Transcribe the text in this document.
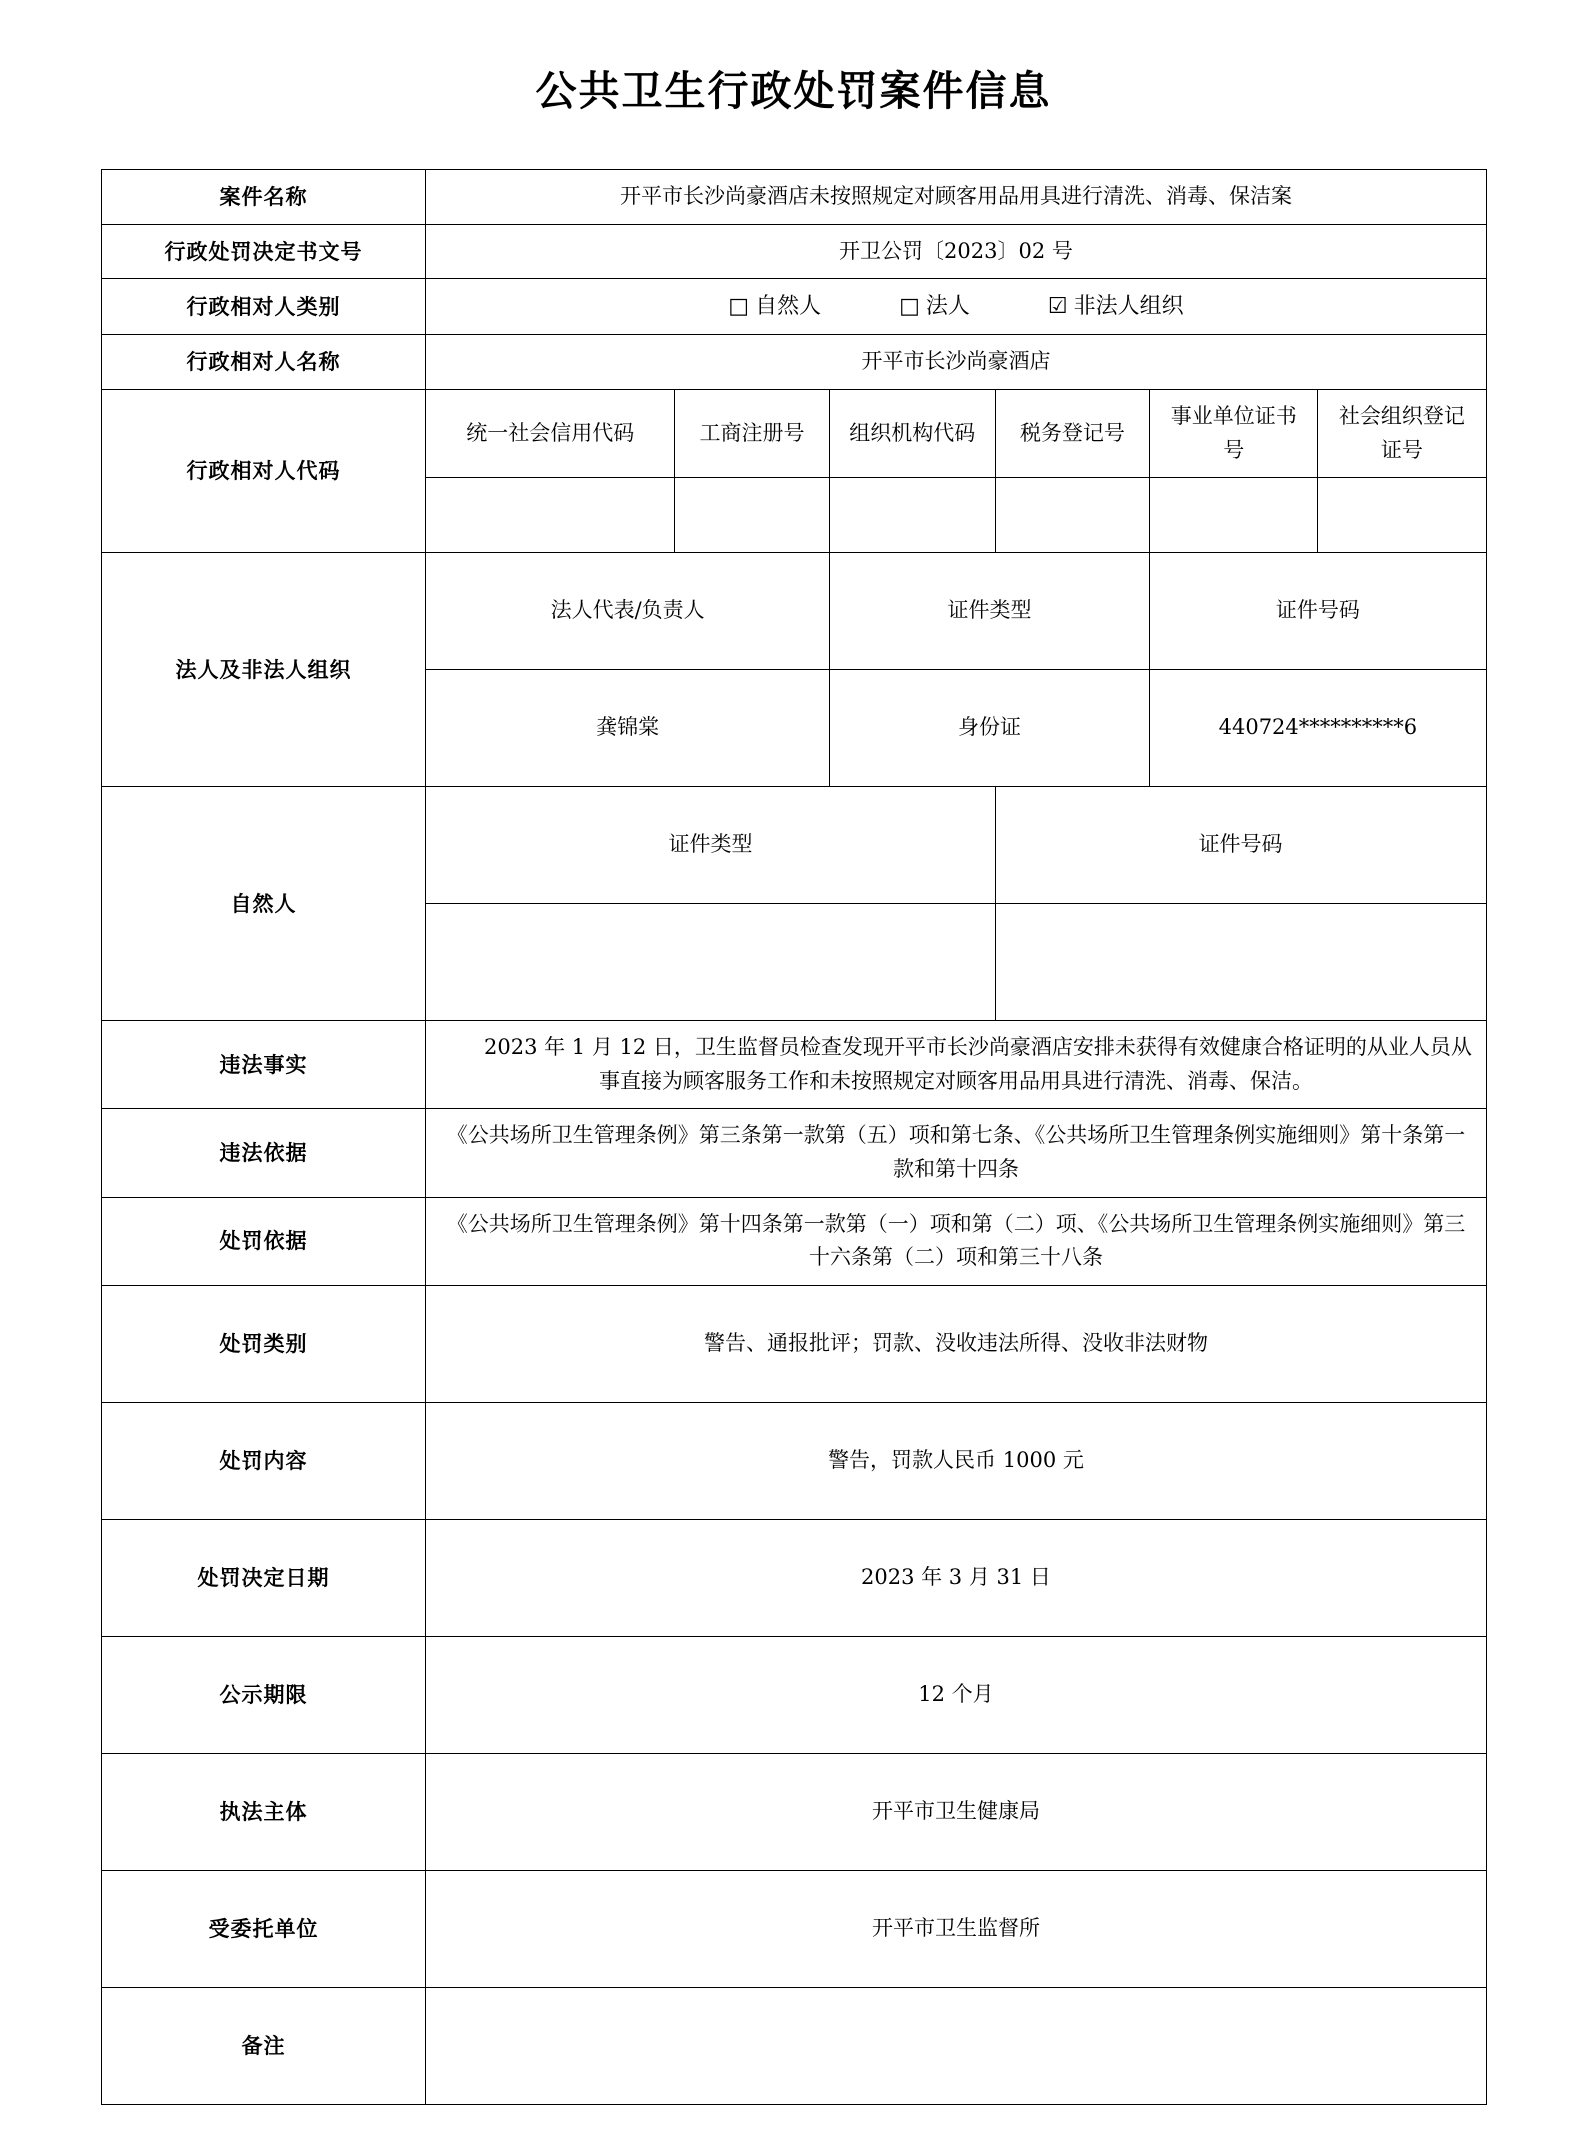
公共卫生行政处罚案件信息
案件名称	开平市长沙尚豪酒店未按照规定对顾客用品用具进行清洗、消毒、保洁案					
行政处罚决定书文号	开卫公罚〔2023〕02 号					
行政相对人类别	□ 自然人	□ 法人	☑ 非法人组织

行政相对人名称	开平市长沙尚豪酒店					
行政相对人代码	统一社会信用代码	工商注册号	组织机构代码	税务登记号	事业单位证书号	社会组织登记证号

法人及非法人组织	法人代表/负责人		证件类型		证件号码	
	龚锦棠		身份证		440724**********6	
自然人	证件类型			证件号码		

违法事实	2023 年 1 月 12 日，卫生监督员检查发现开平市长沙尚豪酒店安排未获得有效健康合格证明的从业人员从事直接为顾客服务工作和未按照规定对顾客用品用具进行清洗、消毒、保洁。					
违法依据	《公共场所卫生管理条例》第三条第一款第（五）项和第七条、《公共场所卫生管理条例实施细则》第十条第一款和第十四条					
处罚依据	《公共场所卫生管理条例》第十四条第一款第（一）项和第（二）项、《公共场所卫生管理条例实施细则》第三十六条第（二）项和第三十八条					
处罚类别	警告、通报批评；罚款、没收违法所得、没收非法财物					
处罚内容	警告，罚款人民币 1000 元					
处罚决定日期	2023 年 3 月 31 日					
公示期限	12 个月					
执法主体	开平市卫生健康局					
受委托单位	开平市卫生监督所					
备注						
